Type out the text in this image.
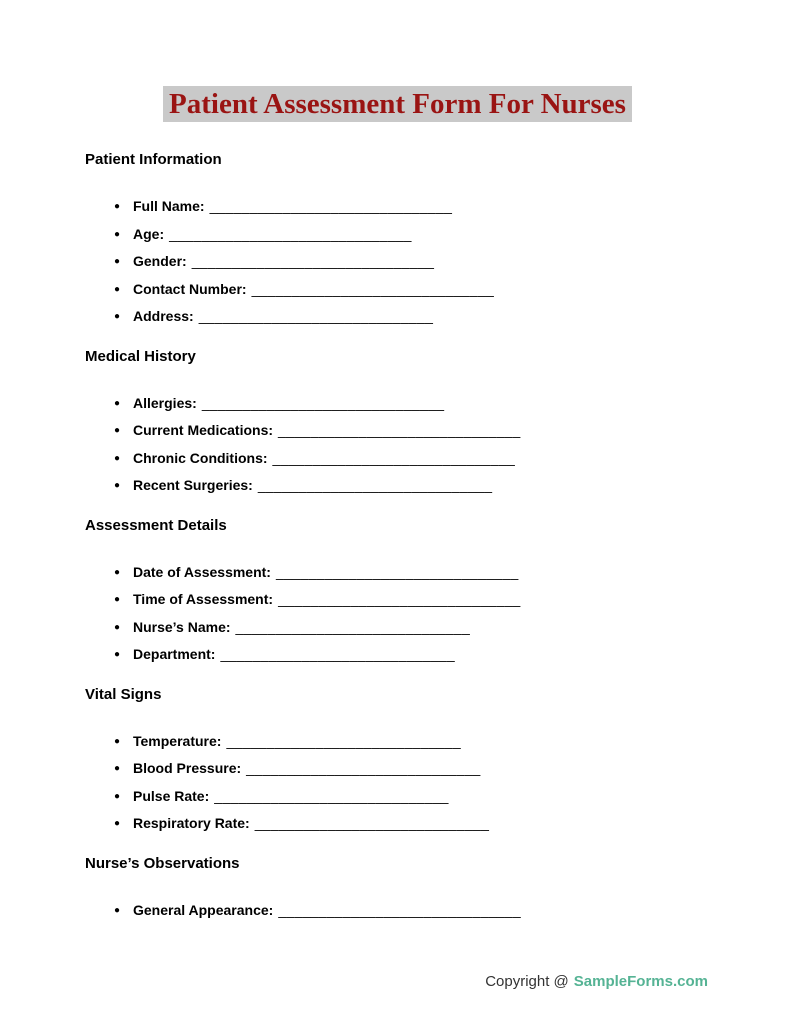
Patient Assessment Form For Nurses
Patient Information
● Full Name: ______________________________
● Age: ______________________________
● Gender: ______________________________
● Contact Number: ______________________________
● Address: _____________________________
Medical History
● Allergies: ______________________________
● Current Medications: ______________________________
● Chronic Conditions: ______________________________
● Recent Surgeries: _____________________________
Assessment Details
● Date of Assessment: ______________________________
● Time of Assessment: ______________________________
● Nurse’s Name: _____________________________
● Department: _____________________________
Vital Signs
● Temperature: _____________________________
● Blood Pressure: _____________________________
● Pulse Rate: _____________________________
● Respiratory Rate: _____________________________
Nurse’s Observations
● General Appearance: ______________________________
Copyright @ SampleForms.com
